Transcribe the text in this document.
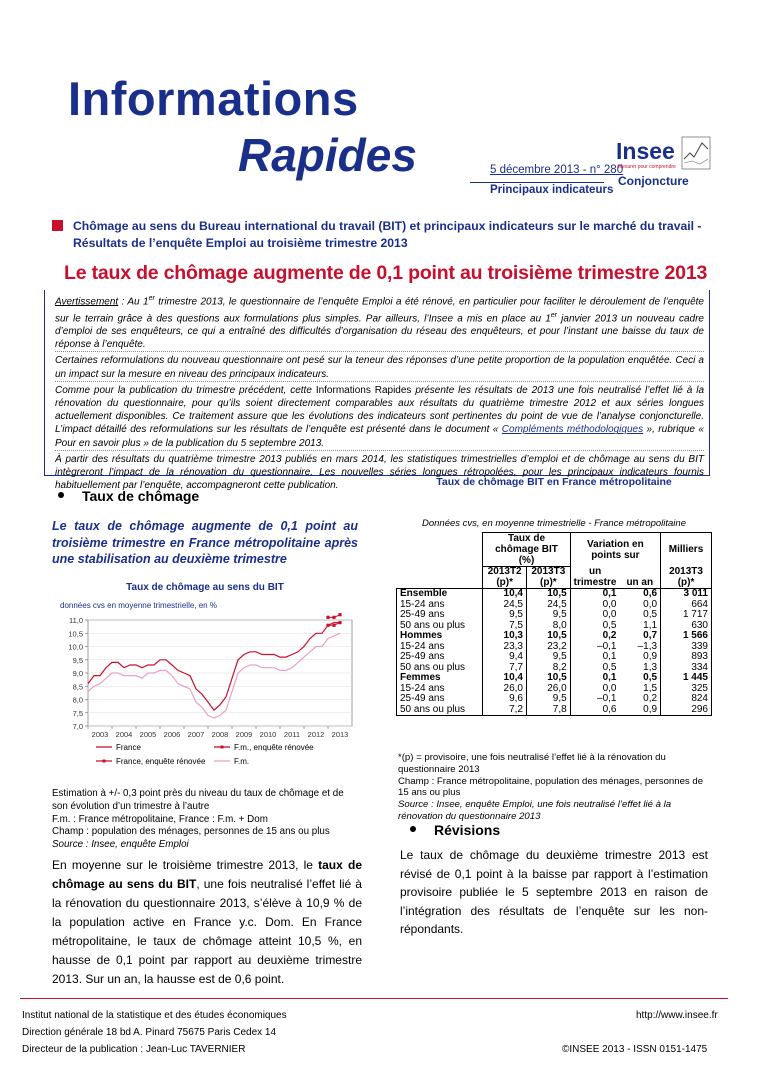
Informations
Rapides	5 décembre 2013 - n° 280
Principaux indicateurs
Insee
Mesurer pour comprendre
Conjoncture
Chômage au sens du Bureau international du travail (BIT) et principaux indicateurs sur le marché du travail -
Résultats de l’enquête Emploi au troisième trimestre 2013
Le taux de chômage augmente de 0,1 point au troisième trimestre 2013

Avertissement : Au 1er trimestre 2013, le questionnaire de l’enquête Emploi a été rénové, en particulier pour faciliter le déroulement de l’enquête sur le terrain grâce à des questions aux formulations plus simples. Par ailleurs, l’Insee a mis en place au 1er janvier 2013 un nouveau cadre d’emploi de ses enquêteurs, ce qui a entraîné des difficultés d’organisation du réseau des enquêteurs, et pour l’instant une baisse du taux de réponse à l’enquête.

Certaines reformulations du nouveau questionnaire ont pesé sur la teneur des réponses d’une petite proportion de la population enquêtée. Ceci a un impact sur la mesure en niveau des principaux indicateurs.

Comme pour la publication du trimestre précédent, cette Informations Rapides présente les résultats de 2013 une fois neutralisé l’effet lié à la rénovation du questionnaire, pour qu’ils soient directement comparables aux résultats du quatrième trimestre 2012 et aux séries longues actuellement disponibles. Ce traitement assure que les évolutions des indicateurs sont pertinentes du point de vue de l’analyse conjoncturelle. L’impact détaillé des reformulations sur les résultats de l’enquête est présenté dans le document « Compléments méthodologiques », rubrique « Pour en savoir plus » de la publication du 5 septembre 2013.

À partir des résultats du quatrième trimestre 2013 publiés en mars 2014, les statistiques trimestrielles d’emploi et de chômage au sens du BIT intègreront l’impact de la rénovation du questionnaire. Les nouvelles séries longues rétropolées, pour les principaux indicateurs fournis habituellement par l’enquête, accompagneront cette publication.

Taux de chômage
Le taux de chômage augmente de 0,1 point au troisième trimestre en France métropolitaine après une stabilisation au deuxième trimestre
Taux de chômage au sens du BIT
données cvs en moyenne trimestrielle, en %
7,0
7,5
8,0
8,5
9,0
9,5
10,0
10,5
11,0
2003 2004 2005 2006 2007 2008 2009 2010 2011 2012 2013
France	F.m., enquête rénovée
France, enquête rénovée	F.m.
Estimation à +/- 0,3 point près du niveau du taux de chômage et de son évolution d’un trimestre à l’autre
F.m. : France métropolitaine, France : F.m. + Dom
Champ : population des ménages, personnes de 15 ans ou plus
Source : Insee, enquête Emploi
En moyenne sur le troisième trimestre 2013, le taux de chômage au sens du BIT, une fois neutralisé l’effet lié à la rénovation du questionnaire 2013, s’élève à 10,9 % de la population active en France y.c. Dom. En France métropolitaine, le taux de chômage atteint 10,5 %, en hausse de 0,1 point par rapport au deuxième trimestre 2013. Sur un an, la hausse est de 0,6 point.
Taux de chômage BIT en France métropolitaine
Données cvs, en moyenne trimestrielle - France métropolitaine
	Taux de chômage BIT (%)		Variation en points sur		Milliers
	2013T2	2013T3	un		2013T3
	(p)*	(p)*	trimestre	un an	(p)*
Ensemble	10,4	10,5	0,1	0,6	3 011
15-24 ans	24,5	24,5	0,0	0,0	664
25-49 ans	9,5	9,5	0,0	0,5	1 717
50 ans ou plus	7,5	8,0	0,5	1,1	630
Hommes	10,3	10,5	0,2	0,7	1 566
15-24 ans	23,3	23,2	–0,1	–1,3	339
25-49 ans	9,4	9,5	0,1	0,9	893
50 ans ou plus	7,7	8,2	0,5	1,3	334
Femmes	10,4	10,5	0,1	0,5	1 445
15-24 ans	26,0	26,0	0,0	1,5	325
25-49 ans	9,6	9,5	–0,1	0,2	824
50 ans ou plus	7,2	7,8	0,6	0,9	296
*(p) = provisoire, une fois neutralisé l’effet lié à la rénovation du questionnaire 2013
Champ : France métropolitaine, population des ménages, personnes de 15 ans ou plus
Source : Insee, enquête Emploi, une fois neutralisé l’effet lié à la rénovation du questionnaire 2013
Révisions
Le taux de chômage du deuxième trimestre 2013 est révisé de 0,1 point à la baisse par rapport à l’estimation provisoire publiée le 5 septembre 2013 en raison de l’intégration des résultats de l’enquête sur les non-répondants.
Institut national de la statistique et des études économiques
Direction générale 18 bd A. Pinard 75675 Paris Cedex 14
Directeur de la publication : Jean-Luc TAVERNIER
http://www.insee.fr
©INSEE 2013 - ISSN 0151-1475
